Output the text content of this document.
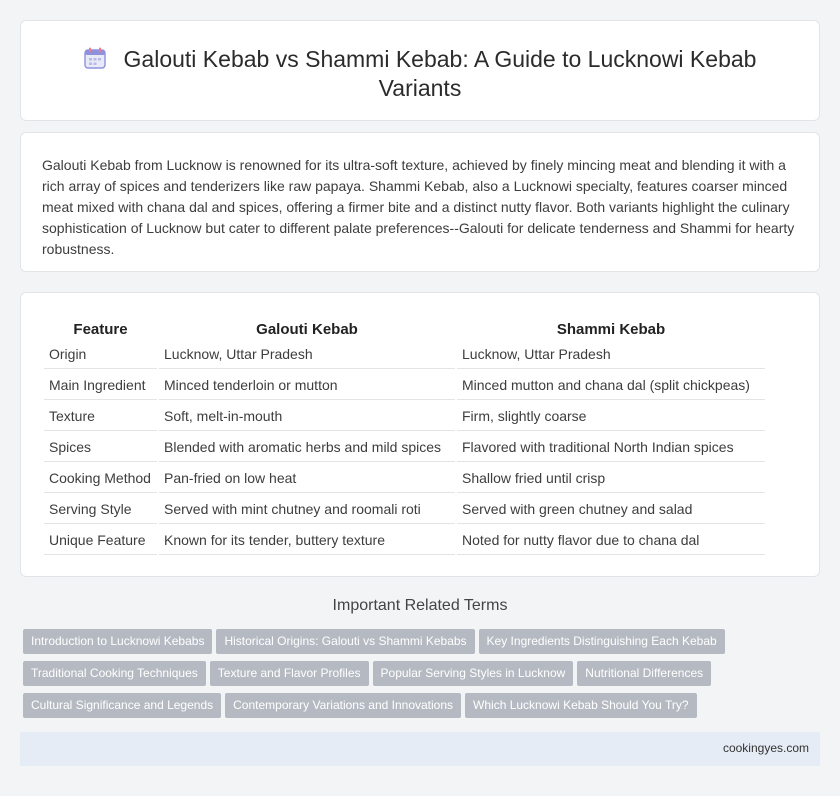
Galouti Kebab vs Shammi Kebab: A Guide to Lucknowi Kebab Variants

Galouti Kebab from Lucknow is renowned for its ultra-soft texture, achieved by finely mincing meat and blending it with a rich array of spices and tenderizers like raw papaya. Shammi Kebab, also a Lucknowi specialty, features coarser minced meat mixed with chana dal and spices, offering a firmer bite and a distinct nutty flavor. Both variants highlight the culinary sophistication of Lucknow but cater to different palate preferences--Galouti for delicate tenderness and Shammi for hearty robustness.

Feature	Galouti Kebab	Shammi Kebab
Origin	Lucknow, Uttar Pradesh	Lucknow, Uttar Pradesh
Main Ingredient	Minced tenderloin or mutton	Minced mutton and chana dal (split chickpeas)
Texture	Soft, melt-in-mouth	Firm, slightly coarse
Spices	Blended with aromatic herbs and mild spices	Flavored with traditional North Indian spices
Cooking Method	Pan-fried on low heat	Shallow fried until crisp
Serving Style	Served with mint chutney and roomali roti	Served with green chutney and salad
Unique Feature	Known for its tender, buttery texture	Noted for nutty flavor due to chana dal
Important Related Terms
Introduction to Lucknowi Kebabs Historical Origins: Galouti vs Shammi Kebabs Key Ingredients Distinguishing Each Kebab
Traditional Cooking Techniques Texture and Flavor Profiles Popular Serving Styles in Lucknow Nutritional Differences
Cultural Significance and Legends Contemporary Variations and Innovations Which Lucknowi Kebab Should You Try?
cookingyes.com
